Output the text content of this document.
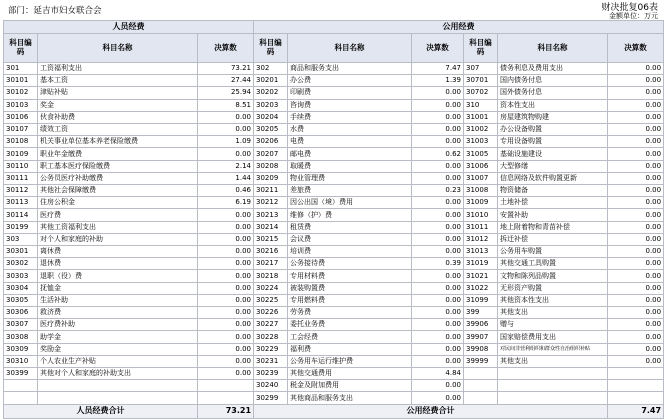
部门：延吉市妇女联合会	财决批复06表
金额单位：万元
人员经费			公用经费					
科目编码	科目名称	决算数	科目编码	科目名称	决算数	科目编码	科目名称	决算数
301	工资福利支出	73.21	302	商品和服务支出	7.47	307	债务利息及费用支出	0.00
30101	基本工资	27.44	30201	办公费	1.39	30701	国内债务付息	0.00
30102	津贴补贴	25.94	30202	印刷费	0.00	30702	国外债务付息	0.00
30103	奖金	8.51	30203	咨询费	0.00	310	资本性支出	0.00
30106	伙食补助费	0.00	30204	手续费	0.00	31001	房屋建筑物购建	0.00
30107	绩效工资	0.00	30205	水费	0.00	31002	办公设备购置	0.00
30108	机关事业单位基本养老保险缴费	1.09	30206	电费	0.00	31003	专用设备购置	0.00
30109	职业年金缴费	0.00	30207	邮电费	0.62	31005	基础设施建设	0.00
30110	职工基本医疗保险缴费	2.14	30208	取暖费	0.00	31006	大型修缮	0.00
30111	公务员医疗补助缴费	1.44	30209	物业管理费	0.00	31007	信息网络及软件购置更新	0.00
30112	其他社会保障缴费	0.46	30211	差旅费	0.23	31008	物资储备	0.00
30113	住房公积金	6.19	30212	因公出国（境）费用	0.00	31009	土地补偿	0.00
30114	医疗费	0.00	30213	维修（护）费	0.00	31010	安置补助	0.00
30199	其他工资福利支出	0.00	30214	租赁费	0.00	31011	地上附着物和青苗补偿	0.00
303	对个人和家庭的补助	0.00	30215	会议费	0.00	31012	拆迁补偿	0.00
30301	离休费	0.00	30216	培训费	0.00	31013	公务用车购置	0.00
30302	退休费	0.00	30217	公务接待费	0.39	31019	其他交通工具购置	0.00
30303	退职（役）费	0.00	30218	专用材料费	0.00	31021	文物和陈列品购置	0.00
30304	抚恤金	0.00	30224	被装购置费	0.00	31022	无形资产购置	0.00
30305	生活补助	0.00	30225	专用燃料费	0.00	31099	其他资本性支出	0.00
30306	救济费	0.00	30226	劳务费	0.00	399	其他支出	0.00
30307	医疗费补助	0.00	30227	委托业务费	0.00	39906	赠与	0.00
30308	助学金	0.00	30228	工会经费	0.00	39907	国家赔偿费用支出	0.00
30309	奖励金	0.00	30229	福利费	0.00	39908	对民间非营利组织和群众性自治组织补贴	0.00
30310	个人农业生产补贴	0.00	30231	公务用车运行维护费	0.00	39999	其他支出	0.00
30399	其他对个人和家庭的补助支出	0.00	30239	其他交通费用	4.84			
			30240	税金及附加费用	0.00			
			30299	其他商品和服务支出	0.00			
人员经费合计		73.21	公用经费合计					7.47
